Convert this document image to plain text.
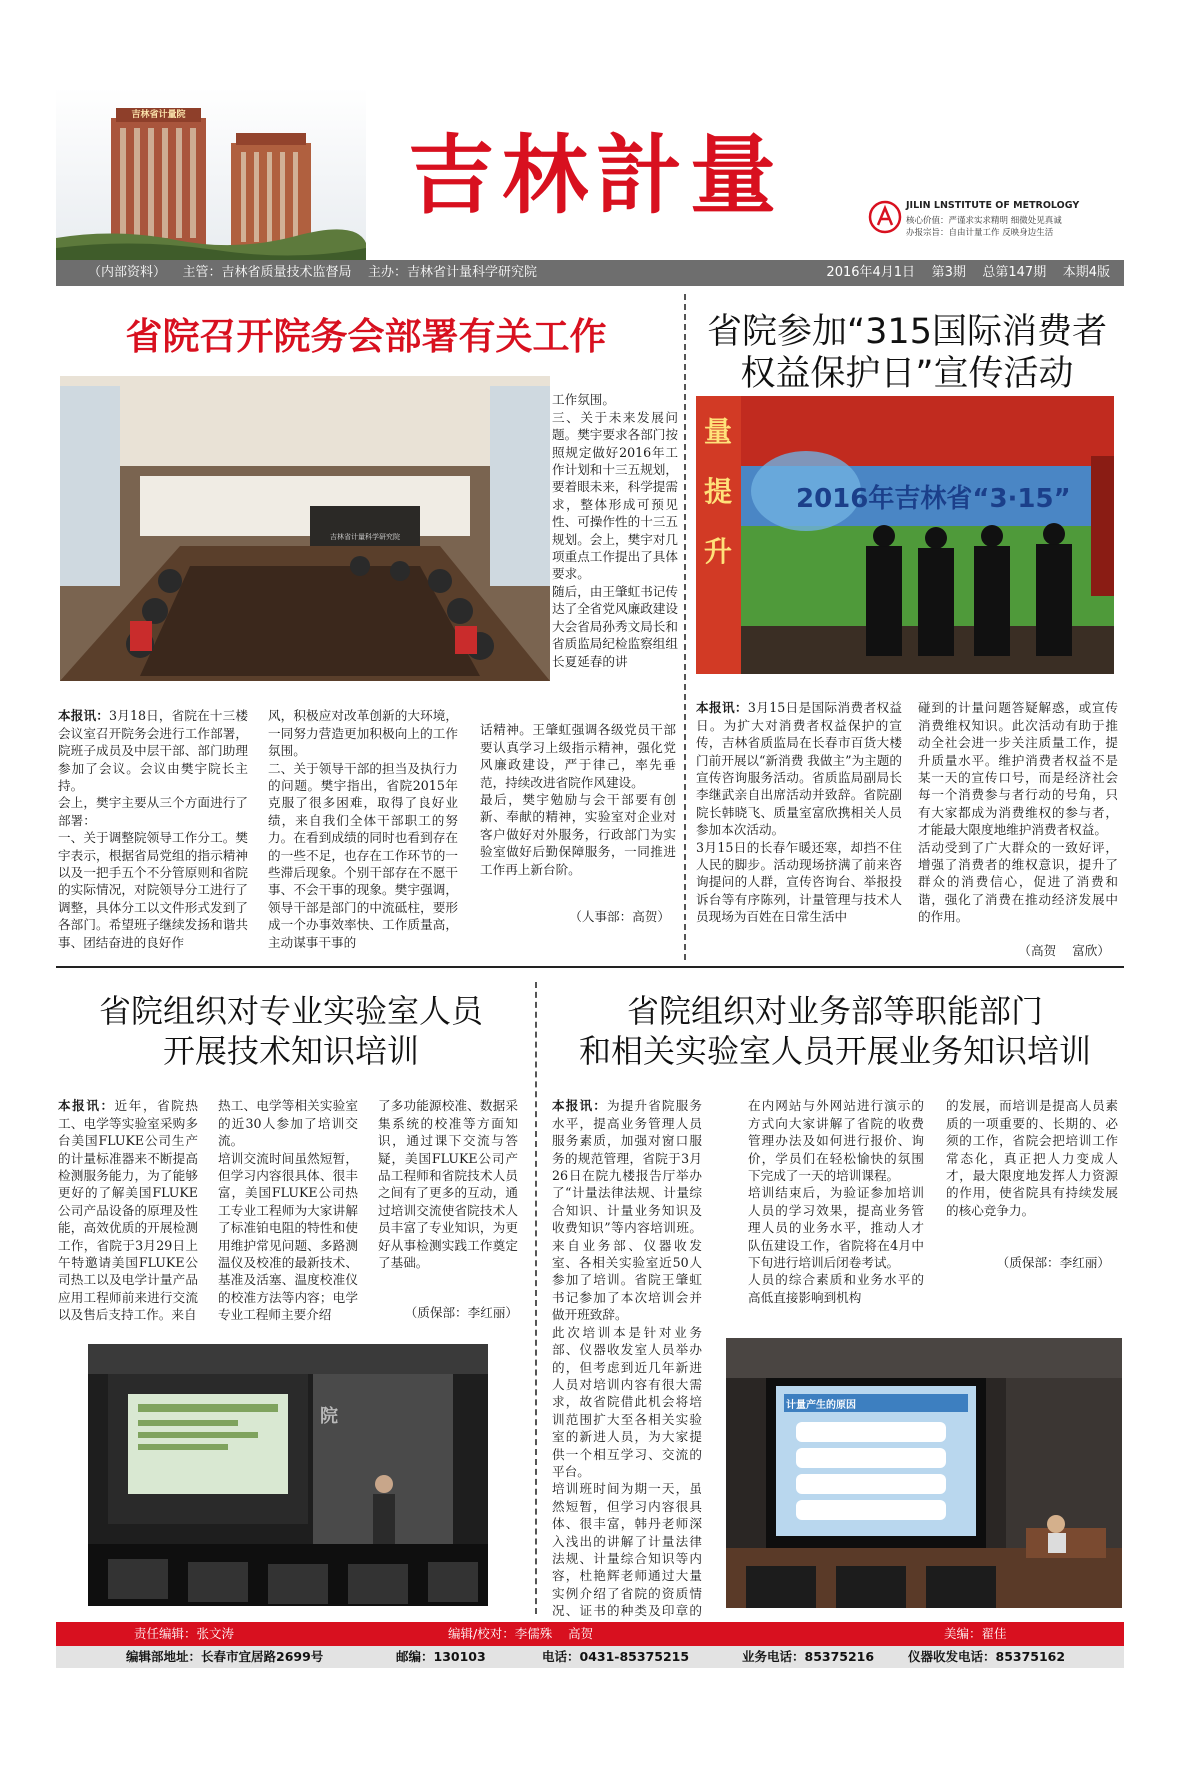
吉林省计量院
吉林計量	JILIN LNSTITUTE OF METROLOGY
核心价值：严谨求实求精明 细微处见真诚
办报宗旨：自由计量工作 反映身边生活
（内部资料）    主管：吉林省质量技术监督局    主办：吉林省计量科学研究院	2016年4月1日    第3期    总第147期    本期4版
省院召开院务会部署有关工作
吉林省计量科学研究院

工作氛围。
三、关于未来发展问题。樊宇要求各部门按照规定做好2016年工作计划和十三五规划，要着眼未来，科学提需求，整体形成可预见性、可操作性的十三五规划。会上，樊宇对几项重点工作提出了具体要求。
随后，由王肇虹书记传达了全省党风廉政建设大会省局孙秀文局长和省质监局纪检监察组组长夏延春的讲

本报讯：3月18日，省院在十三楼会议室召开院务会进行工作部署，院班子成员及中层干部、部门助理参加了会议。会议由樊宇院长主持。
会上，樊宇主要从三个方面进行了部署：
一、关于调整院领导工作分工。樊宇表示，根据省局党组的指示精神以及一把手五个不分管原则和省院的实际情况，对院领导分工进行了调整，具体分工以文件形式发到了各部门。希望班子继续发扬和谐共事、团结奋进的良好作

风，积极应对改革创新的大环境，一同努力营造更加积极向上的工作氛围。
二、关于领导干部的担当及执行力的问题。樊宇指出，省院2015年克服了很多困难，取得了良好业绩，来自我们全体干部职工的努力。在看到成绩的同时也看到存在的一些不足，也存在工作环节的一些滞后现象。个别干部存在不愿干事、不会干事的现象。樊宇强调，领导干部是部门的中流砥柱，要形成一个办事效率快、工作质量高，主动谋事干事的

话精神。王肇虹强调各级党员干部要认真学习上级指示精神，强化党风廉政建设，严于律己，率先垂范，持续改进省院作风建设。
最后，樊宇勉励与会干部要有创新、奉献的精神，实验室对企业对客户做好对外服务，行政部门为实验室做好后勤保障服务，一同推进工作再上新台阶。

（人事部：高贺）
省院参加“315国际消费者
权益保护日”宣传活动
2016年吉林省“3·15”
量提升

本报讯：3月15日是国际消费者权益日。为扩大对消费者权益保护的宣传，吉林省质监局在长春市百货大楼门前开展以“新消费 我做主”为主题的宣传咨询服务活动。省质监局副局长李继武亲自出席活动并致辞。省院副院长韩晓飞、质量室富欣携相关人员参加本次活动。
3月15日的长春乍暖还寒，却挡不住人民的脚步。活动现场挤满了前来咨询提问的人群，宣传咨询台、举报投诉台等有序陈列，计量管理与技术人员现场为百姓在日常生活中

碰到的计量问题答疑解惑，或宣传消费维权知识。此次活动有助于推动全社会进一步关注质量工作，提升质量水平。维护消费者权益不是某一天的宣传口号，而是经济社会每一个消费参与者行动的号角，只有大家都成为消费维权的参与者，才能最大限度地维护消费者权益。
活动受到了广大群众的一致好评，增强了消费者的维权意识，提升了群众的消费信心，促进了消费和谐，强化了消费在推动经济发展中的作用。

（高贺    富欣）
省院组织对专业实验室人员
开展技术知识培训

本报讯：近年，省院热工、电学等实验室采购多台美国FLUKE公司生产的计量标准器来不断提高检测服务能力，为了能够更好的了解美国FLUKE公司产品设备的原理及性能，高效优质的开展检测工作，省院于3月29日上午特邀请美国FLUKE公司热工以及电学计量产品应用工程师前来进行交流以及售后支持工作。来自

热工、电学等相关实验室的近30人参加了培训交流。
培训交流时间虽然短暂，但学习内容很具体、很丰富，美国FLUKE公司热工专业工程师为大家讲解了标准铂电阻的特性和使用维护常见问题、多路测温仪及校准的最新技术、基准及活塞、温度校准仪的校准方法等内容；电学专业工程师主要介绍

了多功能源校准、数据采集系统的校准等方面知识，通过课下交流与答疑，美国FLUKE公司产品工程师和省院技术人员之间有了更多的互动，通过培训交流使省院技术人员丰富了专业知识，为更好从事检测实践工作奠定了基础。

（质保部：李红丽）
院
省院组织对业务部等职能部门
和相关实验室人员开展业务知识培训

本报讯：为提升省院服务水平，提高业务管理人员服务素质，加强对窗口服务的规范管理，省院于3月26日在院九楼报告厅举办了“计量法律法规、计量综合知识、计量业务知识及收费知识”等内容培训班。来自业务部、仪器收发室、各相关实验室近50人参加了培训。省院王肇虹书记参加了本次培训会并做开班致辞。
此次培训本是针对业务部、仪器收发室人员举办的，但考虑到近几年新进人员对培训内容有很大需求，故省院借此机会将培训范围扩大至各相关实验室的新进人员，为大家提供一个相互学习、交流的平台。
培训班时间为期一天，虽然短暂，但学习内容很具体、很丰富，韩丹老师深入浅出的讲解了计量法律法规、计量综合知识等内容，杜艳辉老师通过大量实例介绍了省院的资质情况、证书的种类及印章的

在内网站与外网站进行演示的方式向大家讲解了省院的收费管理办法及如何进行报价、询价，学员们在轻松愉快的氛围下完成了一天的培训课程。
培训结束后，为验证参加培训人员的学习效果，提高业务管理人员的业务水平，推动人才队伍建设工作，省院将在4月中下旬进行培训后闭卷考试。
人员的综合素质和业务水平的高低直接影响到机构

的发展，而培训是提高人员素质的一项重要的、长期的、必须的工作，省院会把培训工作常态化，真正把人力变成人才，最大限度地发挥人力资源的作用，使省院具有持续发展的核心竞争力。

（质保部：李红丽）
计量产生的原因
责任编辑：张文涛	编辑/校对：李儒殊    高贺	美编：翟佳
编辑部地址：长春市宜居路2699号	邮编：130103	电话：0431-85375215	业务电话：85375216	仪器收发电话：85375162
